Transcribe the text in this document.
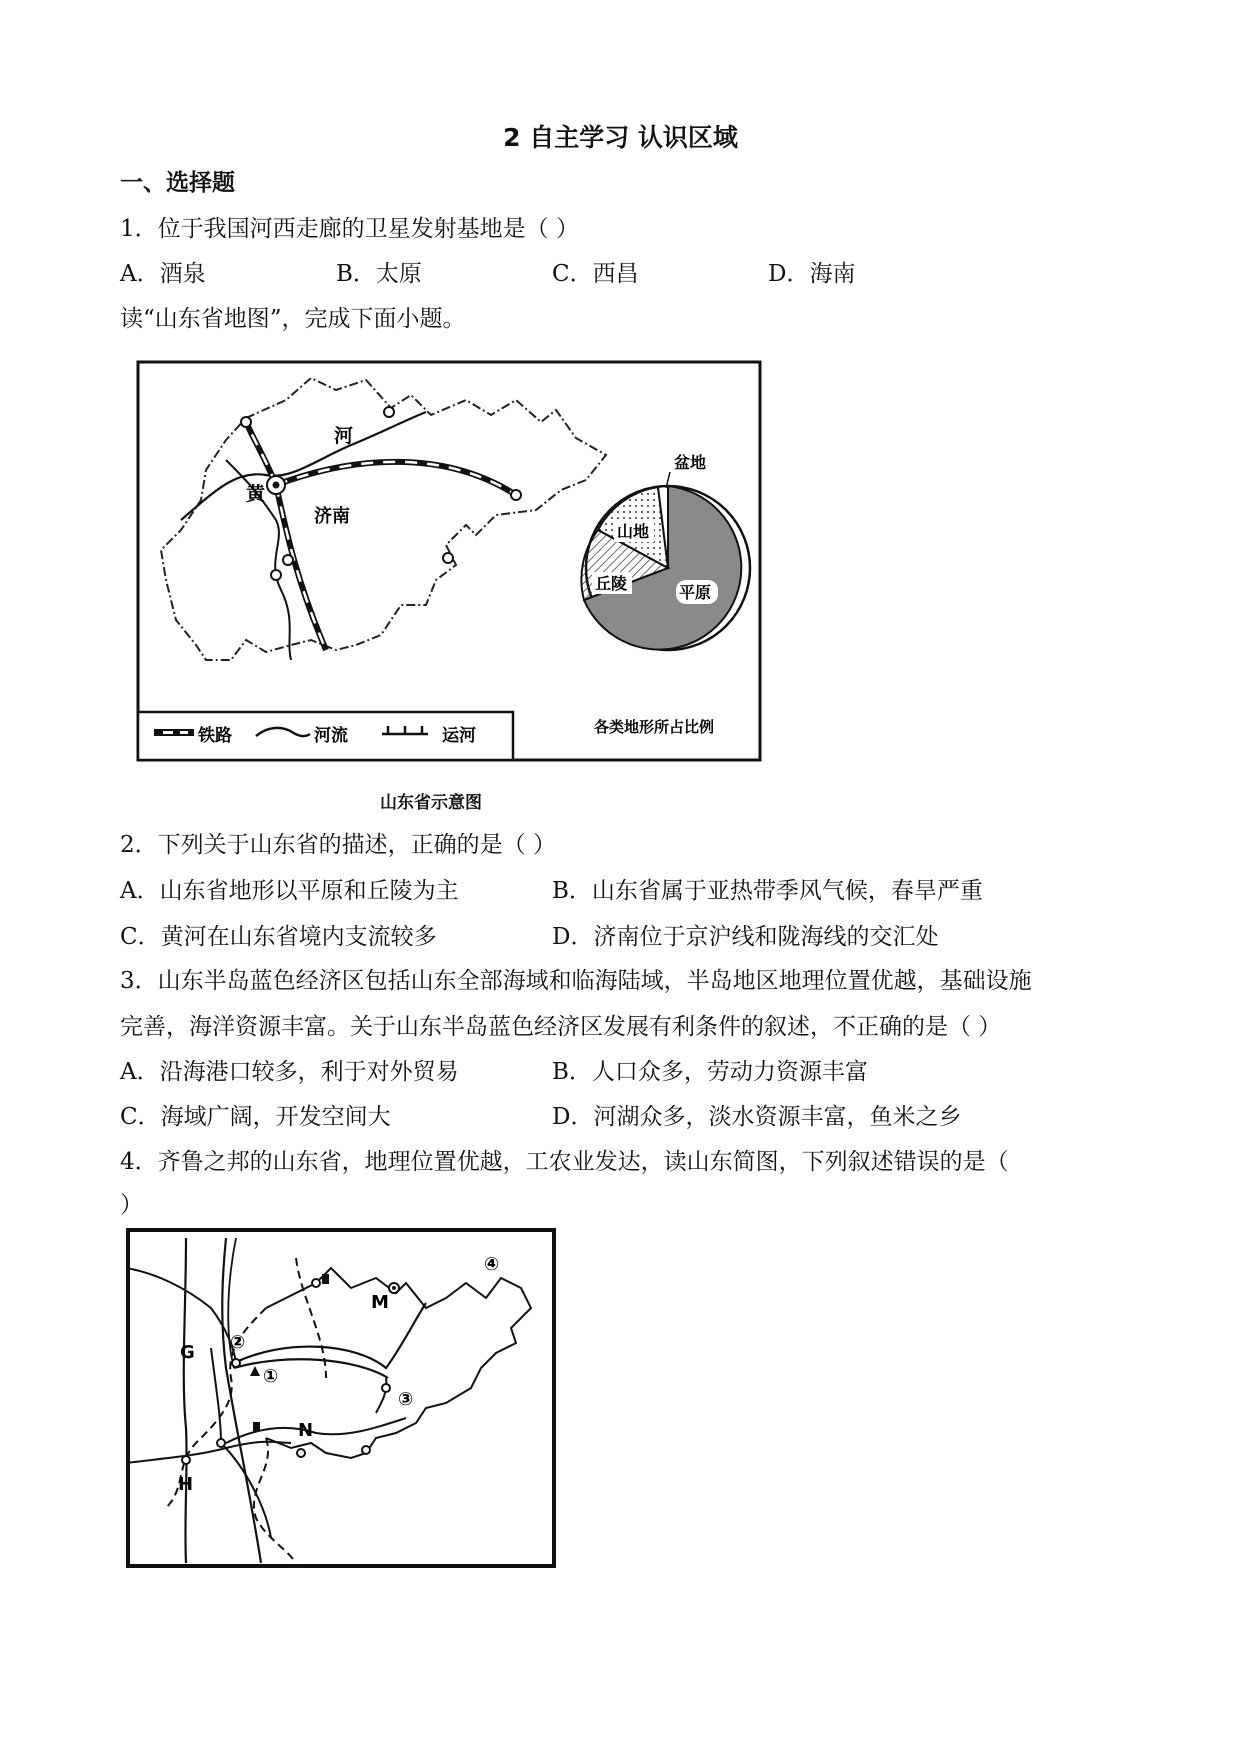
2 自主学习 认识区域
一、选择题
1．位于我国河西走廊的卫星发射基地是（ ）
A．酒泉	B．太原	C．西昌	D．海南
读“山东省地图”，完成下面小题。
河
黄
济南
山地
丘陵	平原
盆地
各类地形所占比例
铁路	河流	运河
山东省示意图
2．下列关于山东省的描述，正确的是（ ）
A．山东省地形以平原和丘陵为主	B．山东省属于亚热带季风气候，春旱严重
C．黄河在山东省境内支流较多	D．济南位于京沪线和陇海线的交汇处
3．山东半岛蓝色经济区包括山东全部海域和临海陆域，半岛地区地理位置优越，基础设施
完善，海洋资源丰富。关于山东半岛蓝色经济区发展有利条件的叙述，不正确的是（ ）
A．沿海港口较多，利于对外贸易	B．人口众多，劳动力资源丰富
C．海域广阔，开发空间大	D．河湖众多，淡水资源丰富，鱼米之乡
4．齐鲁之邦的山东省，地理位置优越，工农业发达，读山东简图，下列叙述错误的是（
）
G
H
M
N
①
②
③
④
